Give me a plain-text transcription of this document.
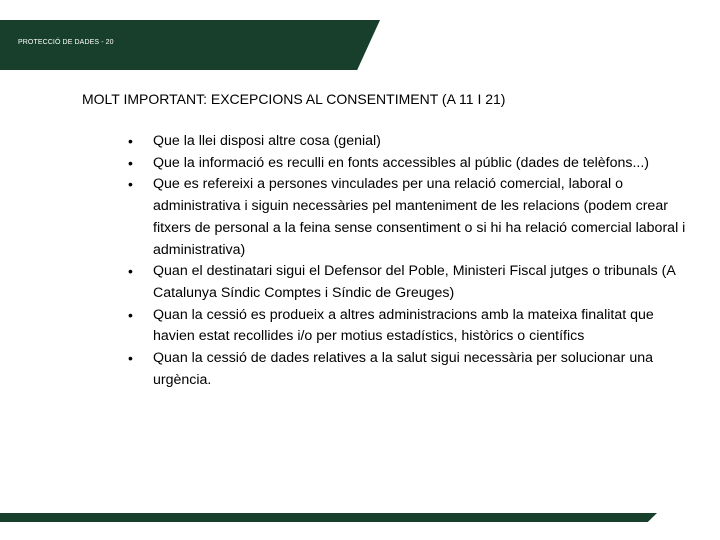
PROTECCIÓ DE DADES - 20
MOLT IMPORTANT: EXCEPCIONS AL CONSENTIMENT (A 11 I 21)
• Que la llei disposi altre cosa (genial)
• Que la informació es reculli en fonts accessibles al públic (dades de telèfons...)
• Que es refereixi a persones vinculades per una relació comercial, laboral o administrativa i siguin necessàries pel manteniment de les relacions (podem crear fitxers de personal a la feina sense consentiment o si hi ha relació comercial laboral i administrativa)
• Quan el destinatari sigui el Defensor del Poble, Ministeri Fiscal jutges o tribunals (A Catalunya Síndic Comptes i Síndic de Greuges)
• Quan la cessió es produeix a altres administracions amb la mateixa finalitat que havien estat recollides i/o per motius estadístics, històrics o científics
• Quan la cessió de dades relatives a la salut sigui necessària per solucionar una urgència.
